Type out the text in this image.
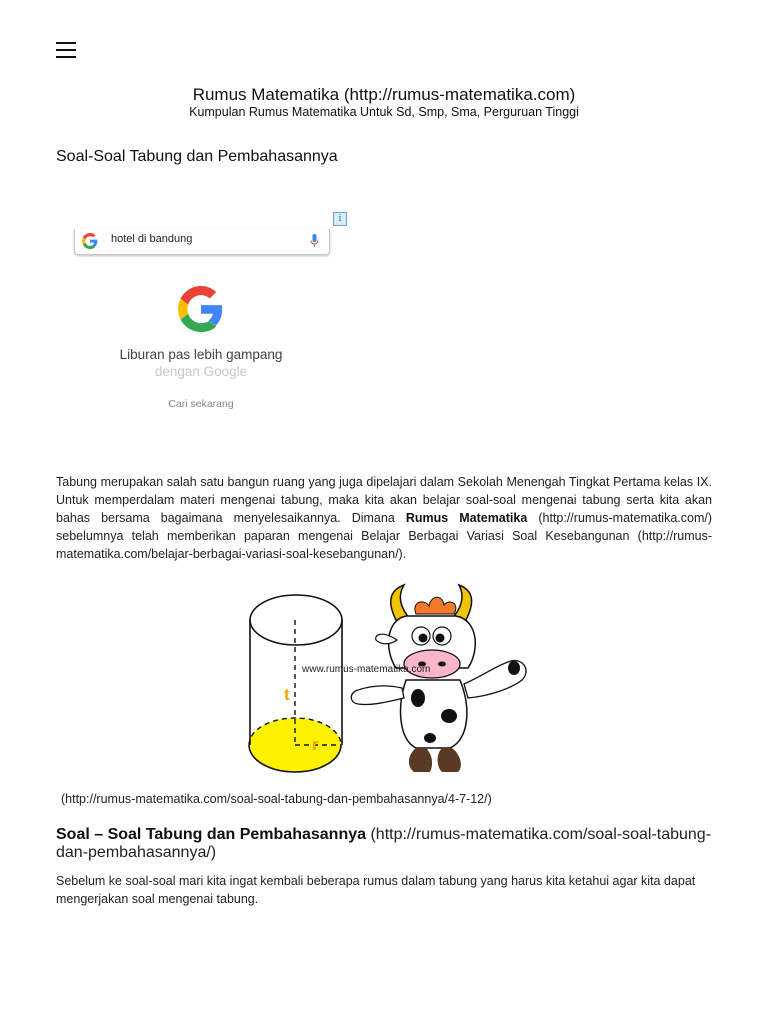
Rumus Matematika (http://rumus-matematika.com)
Kumpulan Rumus Matematika Untuk Sd, Smp, Sma, Perguruan Tinggi
Soal-Soal Tabung dan Pembahasannya
i
hotel di bandung
Liburan pas lebih gampang
dengan Google
Cari sekarang

Tabung merupakan salah satu bangun ruang yang juga dipelajari dalam Sekolah Menengah Tingkat Pertama kelas IX. Untuk memperdalam materi mengenai tabung, maka kita akan belajar soal-soal mengenai tabung serta kita akan bahas bersama bagaimana menyelesaikannya. Dimana Rumus Matematika (http://rumus-matematika.com/) sebelumnya telah memberikan paparan mengenai Belajar Berbagai Variasi Soal Kesebangunan (http://rumus-matematika.com/belajar-berbagai-variasi-soal-kesebangunan/).

t
r
www.rumus-matematika.com
(http://rumus-matematika.com/soal-soal-tabung-dan-pembahasannya/4-7-12/)

Soal – Soal Tabung dan Pembahasannya (http://rumus-matematika.com/soal-soal-tabung-dan-pembahasannya/)

Sebelum ke soal-soal mari kita ingat kembali beberapa rumus dalam tabung yang harus kita ketahui agar kita dapat mengerjakan soal mengenai tabung.
